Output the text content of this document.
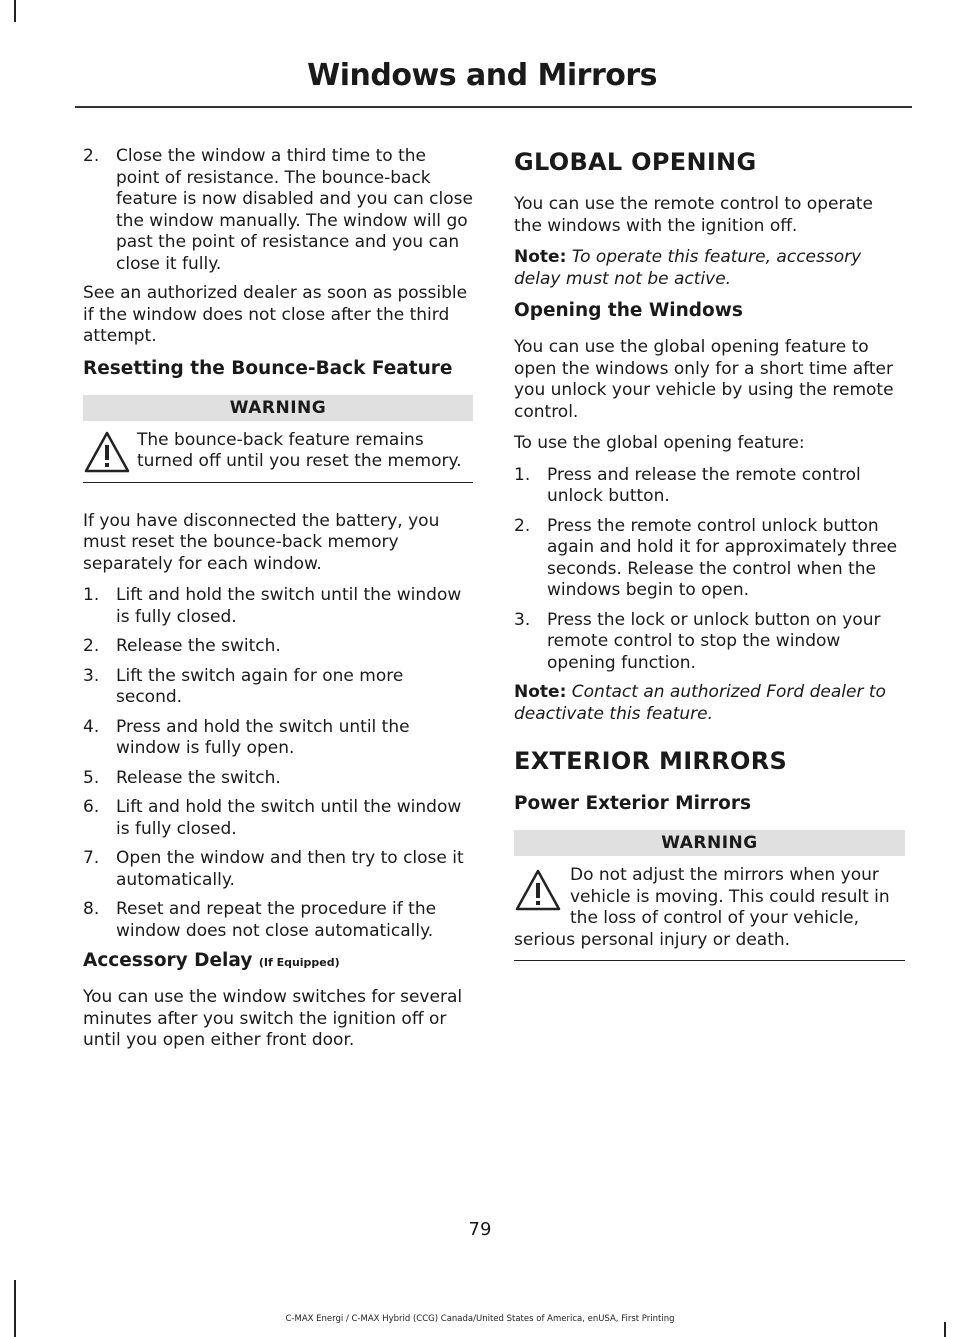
Windows and Mirrors
2. Close the window a third time to the point of resistance. The bounce-back feature is now disabled and you can close the window manually. The window will go past the point of resistance and you can close it fully.

See an authorized dealer as soon as possible if the window does not close after the third attempt.

Resetting the Bounce-Back Feature
WARNING
The bounce-back feature remains turned off until you reset the memory.

If you have disconnected the battery, you must reset the bounce-back memory separately for each window.

1. Lift and hold the switch until the window is fully closed.
2. Release the switch.
3. Lift the switch again for one more second.
4. Press and hold the switch until the window is fully open.
5. Release the switch.
6. Lift and hold the switch until the window is fully closed.
7. Open the window and then try to close it automatically.
8. Reset and repeat the procedure if the window does not close automatically.
Accessory Delay (If Equipped)

You can use the window switches for several minutes after you switch the ignition off or until you open either front door.

GLOBAL OPENING

You can use the remote control to operate the windows with the ignition off.

Note: To operate this feature, accessory delay must not be active.

Opening the Windows

You can use the global opening feature to open the windows only for a short time after you unlock your vehicle by using the remote control.

To use the global opening feature:

1. Press and release the remote control unlock button.
2. Press the remote control unlock button again and hold it for approximately three seconds. Release the control when the windows begin to open.
3. Press the lock or unlock button on your remote control to stop the window opening function.

Note: Contact an authorized Ford dealer to deactivate this feature.

EXTERIOR MIRRORS
Power Exterior Mirrors
WARNING
Do not adjust the mirrors when your vehicle is moving. This could result in the loss of control of your vehicle, serious personal injury or death.
79
C-MAX Energi / C-MAX Hybrid (CCG) Canada/United States of America, enUSA, First Printing
